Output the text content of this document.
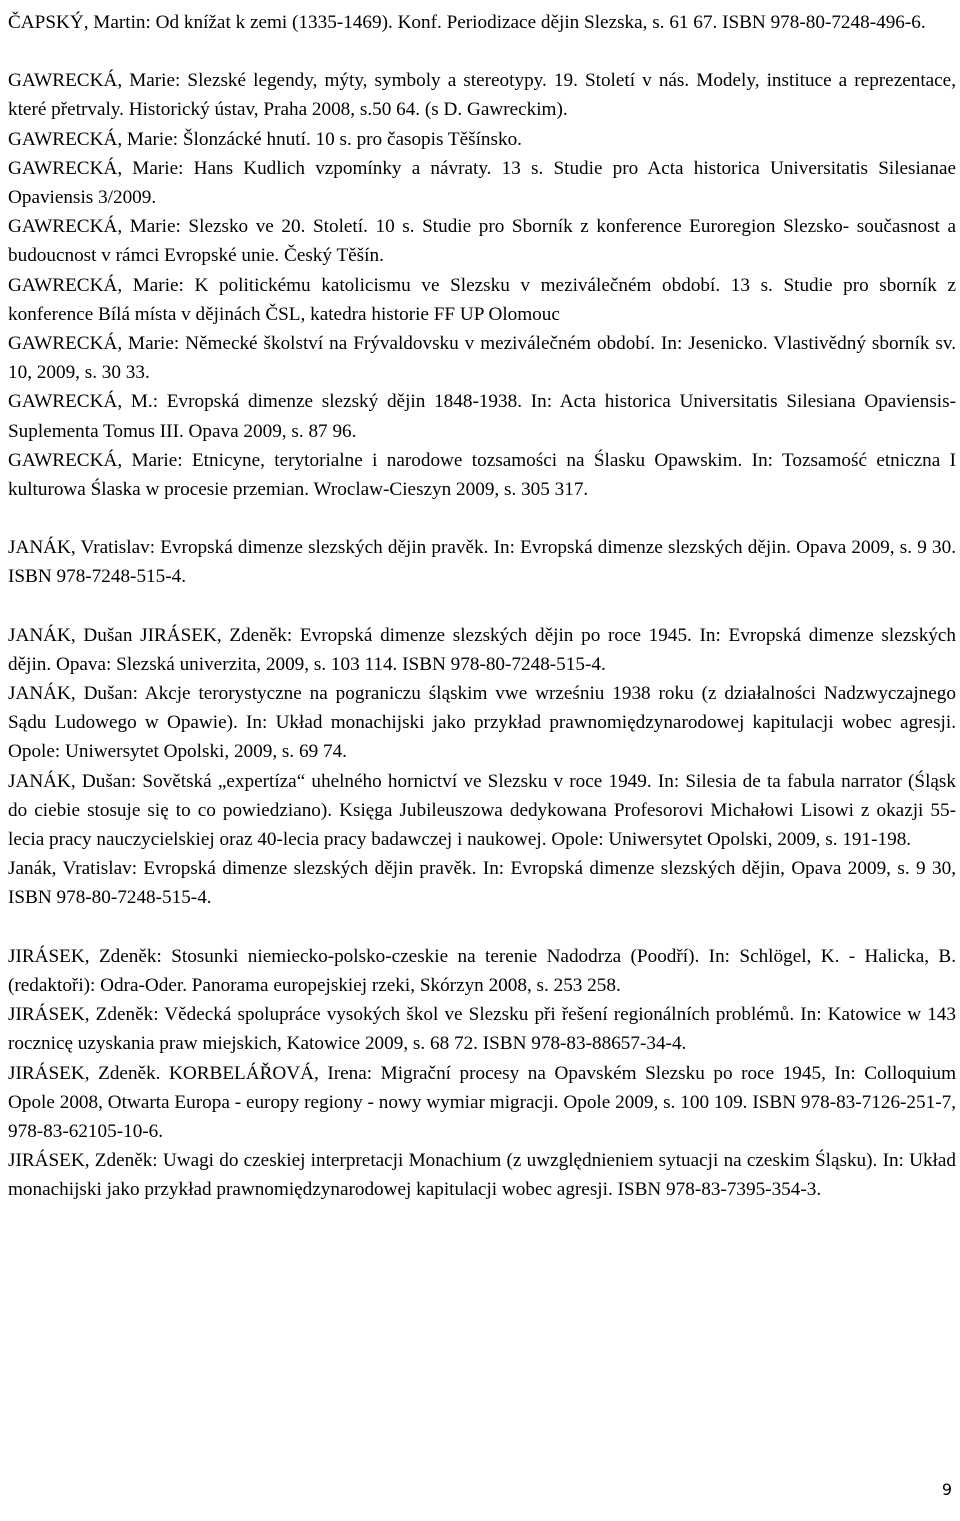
ČAPSKÝ, Martin: Od knížat k zemi (1335-1469). Konf. Periodizace dějin Slezska, s. 61 67. ISBN 978-80-7248-496-6.

GAWRECKÁ, Marie: Slezské legendy, mýty, symboly a stereotypy. 19. Století v nás. Modely, instituce a reprezentace, které přetrvaly. Historický ústav, Praha 2008, s.50 64. (s D. Gawreckim).

GAWRECKÁ, Marie: Šlonzácké hnutí. 10 s. pro časopis Těšínsko.

GAWRECKÁ, Marie: Hans Kudlich vzpomínky a návraty. 13 s. Studie pro Acta historica Universitatis Silesianae Opaviensis 3/2009.

GAWRECKÁ, Marie: Slezsko ve 20. Století. 10 s. Studie pro Sborník z konference Euroregion Slezsko- současnost a budoucnost v rámci Evropské unie. Český Těšín.

GAWRECKÁ, Marie: K politickému katolicismu ve Slezsku v meziválečném období. 13 s. Studie pro sborník z konference Bílá místa v dějinách ČSL, katedra historie FF UP Olomouc

GAWRECKÁ, Marie: Německé školství na Frývaldovsku v meziválečném období. In: Jesenicko. Vlastivědný sborník sv. 10, 2009, s. 30 33.

GAWRECKÁ, M.: Evropská dimenze slezský dějin 1848-1938. In: Acta historica Universitatis Silesiana Opaviensis- Suplementa Tomus III. Opava 2009, s. 87 96.

GAWRECKÁ, Marie: Etnicyne, terytorialne i narodowe tozsamości na Ślasku Opawskim. In: Tozsamość etniczna I kulturowa Ślaska w procesie przemian. Wroclaw-Cieszyn 2009, s. 305 317.

JANÁK, Vratislav: Evropská dimenze slezských dějin pravěk. In: Evropská dimenze slezských dějin. Opava 2009, s. 9 30. ISBN 978-7248-515-4.

JANÁK, Dušan JIRÁSEK, Zdeněk: Evropská dimenze slezských dějin po roce 1945. In: Evropská dimenze slezských dějin. Opava: Slezská univerzita, 2009, s. 103 114. ISBN 978-80-7248-515-4.

JANÁK, Dušan: Akcje terorystyczne na pograniczu śląskim vwe wrześniu 1938 roku (z działalności Nadzwyczajnego Sądu Ludowego w Opawie). In: Układ monachijski jako przykład prawnomiędzynarodowej kapitulacji wobec agresji. Opole: Uniwersytet Opolski, 2009, s. 69 74.

JANÁK, Dušan: Sovětská „expertíza“ uhelného hornictví ve Slezsku v roce 1949. In: Silesia de ta fabula narrator (Śląsk do ciebie stosuje się to co powiedziano). Księga Jubileuszowa dedykowana Profesorovi Michałowi Lisowi z okazji 55-lecia pracy nauczycielskiej oraz 40-lecia pracy badawczej i naukowej. Opole: Uniwersytet Opolski, 2009, s. 191-198.

Janák, Vratislav: Evropská dimenze slezských dějin pravěk. In: Evropská dimenze slezských dějin, Opava 2009, s. 9 30, ISBN 978-80-7248-515-4.

JIRÁSEK, Zdeněk: Stosunki niemiecko-polsko-czeskie na terenie Nadodrza (Poodří). In: Schlögel, K. - Halicka, B. (redaktoři): Odra-Oder. Panorama europejskiej rzeki, Skórzyn 2008, s. 253 258.

JIRÁSEK, Zdeněk: Vědecká spolupráce vysokých škol ve Slezsku při řešení regionálních problémů. In: Katowice w 143 rocznicę uzyskania praw miejskich, Katowice 2009, s. 68 72. ISBN 978-83-88657-34-4.

JIRÁSEK, Zdeněk. KORBELÁŘOVÁ, Irena: Migrační procesy na Opavském Slezsku po roce 1945, In: Colloquium Opole 2008, Otwarta Europa - europy regiony - nowy wymiar migracji. Opole 2009, s. 100 109. ISBN 978-83-7126-251-7, 978-83-62105-10-6.

JIRÁSEK, Zdeněk: Uwagi do czeskiej interpretacji Monachium (z uwzględnieniem sytuacji na czeskim Śląsku). In: Układ monachijski jako przykład prawnomiędzynarodowej kapitulacji wobec agresji. ISBN 978-83-7395-354-3.

9
